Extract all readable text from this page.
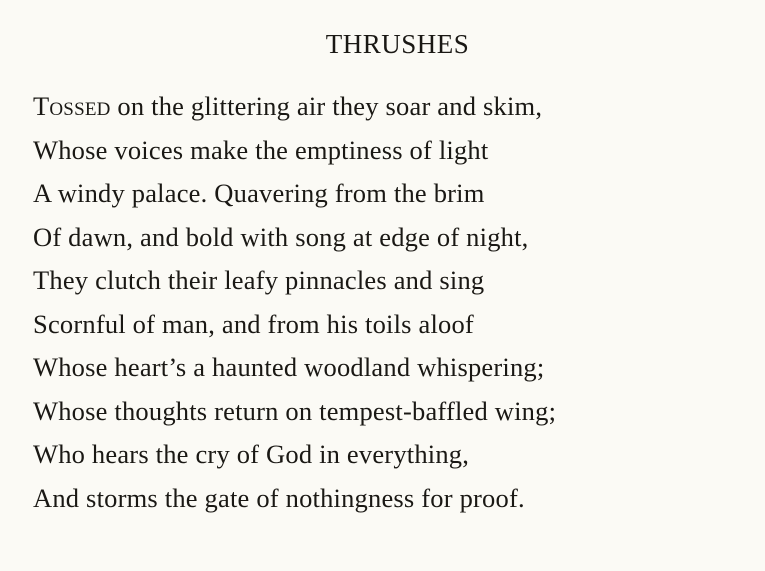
THRUSHES
Tossed on the glittering air they soar and skim,
Whose voices make the emptiness of light
A windy palace. Quavering from the brim
Of dawn, and bold with song at edge of night,
They clutch their leafy pinnacles and sing
Scornful of man, and from his toils aloof
Whose heart’s a haunted woodland whispering;
Whose thoughts return on tempest-baffled wing;
Who hears the cry of God in everything,
And storms the gate of nothingness for proof.
